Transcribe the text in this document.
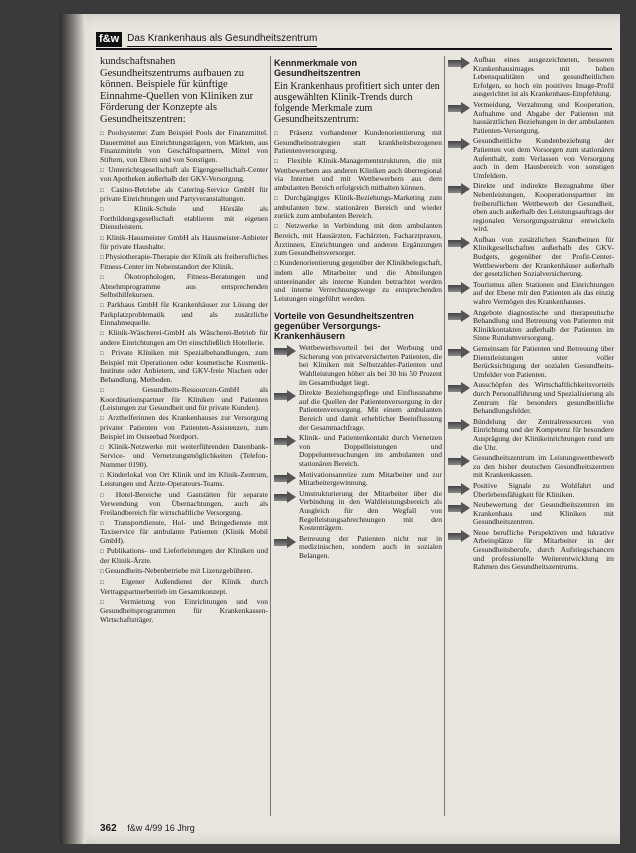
f&w Das Krankenhaus als Gesundheitszentrum
kundschaftsnahen Gesundheitszentrums aufbauen zu können. Beispiele für künftige Einnahme-Quellen von Kliniken zur Förderung der Konzepte als Gesundheitszentren:
□ Poolsysteme: Zum Beispiel Pools der Finanzmittel. Dauermittel aus Einrichtungsträgern, von Märkten, aus Finanzmitteln von Geschäftspartnern, Mittel von Stiftern, von Eltern und von Sonstigen.
□ Unterrichtsgesellschaft als Eigengesellschaft-Center von Apotheken außerhalb der GKV-Versorgung.
□ Casino-Betriebe als Catering-Service GmbH für private Einrichtungen und Partyveranstaltungen.
□ Klinik-Schule und Hörsäle als Fortbildungsgesellschaft etablieren mit eigenen Dienstleistern.
□ Klinik-Hausmeister GmbH als Hausmeister-Anbieter für private Haushalte.
□ Physiotherapie-Therapie der Klinik als freiberufliches Fitness-Center im Nebenstandort der Klinik.
□ Ökotrophologen, Fitness-Beratungen und Abnehmprogramme aus entsprechenden Selbsthilfekursen.
□ Parkhaus GmbH für Krankenhäuser zur Lösung der Parkplatzproblematik und als zusätzliche Einnahmequelle.
□ Klinik-Wäscherei-GmbH als Wäscherei-Betrieb für andere Einrichtungen am Ort einschließlich Hotellerie.
□ Private Kliniken mit Spezialbehandlungen, zum Beispiel mit Operationen oder kosmetische Kosmetik-Institute oder Anbietern, und GKV-freie Nischen oder Behandlung, Methoden.
□ Gesundheits-Ressourcen-GmbH als Koordinationspartner für Kliniken und Patienten (Leistungen zur Gesundheit und für private Kunden).
□ Arzthelferinnen des Krankenhauses zur Versorgung privater Patienten von Patienten-Assistenzen, zum Beispiel im Ostseebad Nordport.
□ Klinik-Netzwerke mit weiterführenden Datenbank-Service- und Vernetzungsmöglichkeiten (Telefon-Nummer 0190).
□ Kinderlokal von Ort Klinik und im Klinik-Zentrum, Leistungen und Ärzte-Operateurs-Teams.
□ Hotel-Bereiche und Gaststätten für separate Verwendung von Übernachtungen, auch als Freilandbereich für wirtschaftliche Versorgung.
□ Transportdienste, Hol- und Bringedienste mit Taxiservice für ambulante Patienten (Klinik Mobil GmbH).
□ Publikations- und Lieferleistungen der Kliniken und der Klinik-Ärzte.
□ Gesundheits-Nebenbetriebe mit Lizenzgebühren.
□ Eigener Außendienst der Klinik durch Vertragspartnerbetrieb im Gesamtkonzept.
□ Vermietung von Einrichtungen und von Gesundheitsprogrammen für Krankenkassen-Wirtschaftsträger.
Kennmerkmale von Gesundheitszentren
Ein Krankenhaus profitiert sich unter den ausgewählten Klinik-Trends durch folgende Merkmale zum Gesundheitszentrum:
□ Präsenz vorhandener Kundenorientierung mit Gesundheitsstrategien statt krankheitsbezogenen Patientenversorgung.
□ Flexible Klinik-Managementstrukturen, die mit Wettbewerbern aus anderen Kliniken auch überregional via Internet und mit Wettbewerbern aus dem ambulanten Bereich erfolgreich mithalten können.
□ Durchgängiges Klinik-Beziehungs-Marketing zum ambulanten bzw. stationären Bereich und wieder zurück zum ambulanten Bereich.
□ Netzwerke in Verbindung mit dem ambulanten Bereich, mit Hausärzten, Fachärzten, Facharztpraxen, Ärztinnen, Einrichtungen und anderen Ergänzungen zum Gesundheitsversorger.
□ Kundenorientierung gegenüber der Klinikbelegschaft, indem alle Mitarbeiter und die Abteilungen untereinander als interne Kunden betrachtet werden und interne Verrechnungswege zu entsprechenden Leistungen eingeführt werden.
Vorteile von Gesundheitszentren gegenüber Versorgungs-Krankenhäusern
Wettbewerbsvorteil bei der Werbung und Sicherung von privatversicherten Patienten, die bei Kliniken mit Selbstzahler-Patienten und Wahlleistungen höher als bei 30 bis 50 Prozent im Gesamtbudget liegt.
Direkte Beziehungspflege und Einflussnahme auf die Quellen der Patientenversorgung in der Patientenversorgung. Mit einem ambulanten Bereich und damit erheblicher Beeinflussung der Gesamtnachfrage.
Klinik- und Patientenkontakt durch Vernetzen von Doppelleistungen und Doppeluntersuchungen im ambulanten und stationären Bereich.
Motivationsanreize zum Mitarbeiter und zur Mitarbeitergewinnung.
Umstrukturierung der Mitarbeiter über die Verbindung in den Wahlleistungsbereich als Ausgleich für den Wegfall von Regelleistungsabrechnungen mit den Kostenträgern.
Betreuung der Patienten nicht nur in medizinischen, sondern auch in sozialen Belangen.
Aufbau eines ausgezeichneten, besseren Krankenhausimages mit hohen Lebensqualitäten und gesundheitlichen Erfolgen, so hoch ein positives Image-Profil ausgerichtet ist als Krankenhaus-Empfehlung.
Vermeidung, Verzahnung und Kooperation, Aufnahme und Abgabe der Patienten mit hausärztlichen Beziehungen in der ambulanten Patienten-Versorgung.
Gesundheitliche Kundenbeziehung der Patienten von dem Vorsorgen zum stationären Aufenthalt, zum Verlassen von Versorgung auch in dem Hausbereich von sonstigen Umfeldern.
Direkte und indirekte Bezugnahme über Nebenleistungen, Kooperationspartner im freiberuflichen Wettbewerb der Gesundheit, eben auch außerhalb des Leistungsauftrags der regionalen Versorgungsstruktur entwickeln wird.
Aufbau von zusätzlichen Standbeinen für Klinikgesellschaften außerhalb des GKV-Budgets, gegenüber der Profit-Center-Wettbewerbern der Krankenhäuser außerhalb der gesetzlichen Sozialversicherung.
Tourismus allen Stationen und Einrichtungen auf der Ebene mit den Patienten als das einzig wahre Vermögen des Krankenhauses.
Angebote diagnostische und therapeutische Behandlung und Betreuung von Patienten mit Klinikkontakten außerhalb der Patienten im Sinne Rundumversorgung.
Gemeinsam für Patienten und Betreuung über Dienstleistungen unter voller Berücksichtigung der sozialen Gesundheits-Umfelder von Patienten.
Ausschöpfen des Wirtschaftlichkeitsvorteils durch Personalführung und Spezialisierung als Zentrum für besonders gesundheitliche Behandlungsfelder.
Bündelung der Zentralressourcen von Einrichtung und der Kompetenz für besondere Ausprägung der Klinikeinrichtungen rund um die Uhr.
Gesundheitszentrum im Leistungswettbewerb zu den bisher deutschen Gesundheitszentren mit Krankenkassen.
Positive Signale zu Wohlfahrt und Überlebensfähigkeit für Kliniken.
Neubewertung der Gesundheitszentren im Krankenhaus und Kliniken mit Gesundheitszentren.
Neue berufliche Perspektiven und lukrative Arbeitsplätze für Mitarbeiter in der Gesundheitsberufe, durch Aufstiegschancen und professionelle Weiterentwicklung im Rahmen des Gesundheitszentrums.
362 f&w 4/99 16 Jhrg
